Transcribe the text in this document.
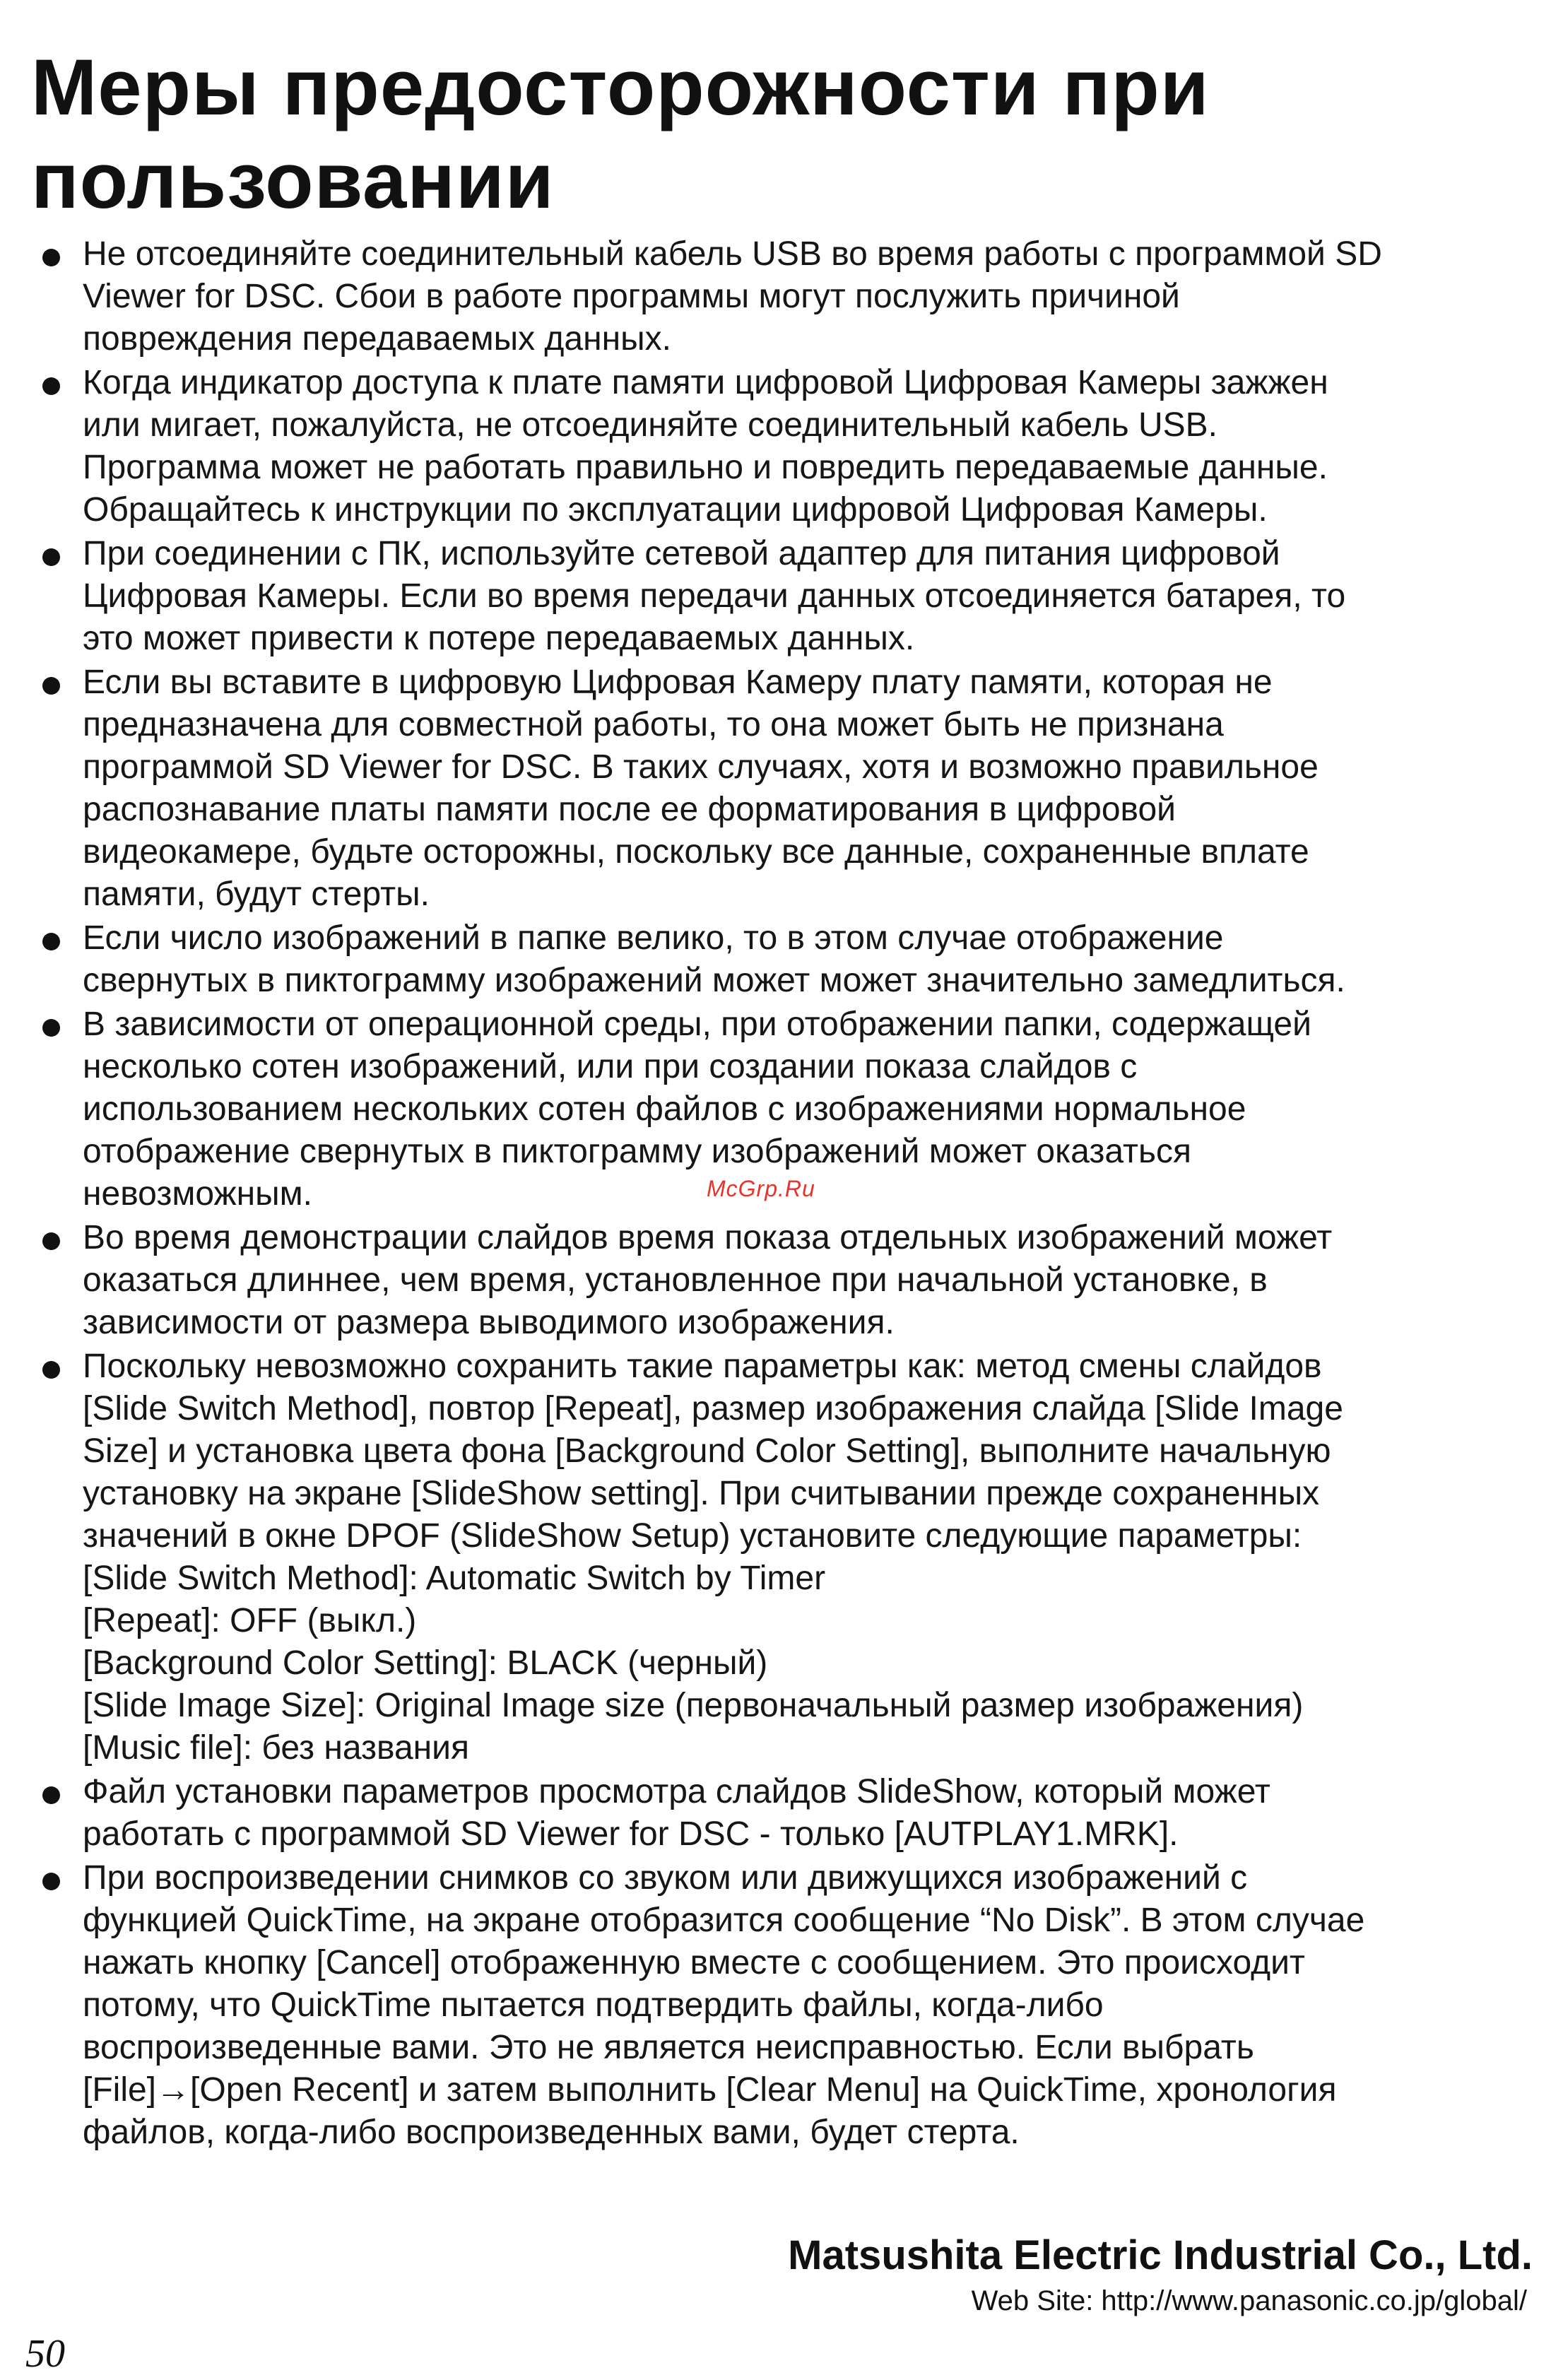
Меры предосторожности при
пользовании
Не отсоединяйте соединительный кабель USB во время работы с программой SD
Viewer for DSC. Сбои в работе программы могут послужить причиной
повреждения передаваемых данных.
Когда индикатор доступа к плате памяти цифровой Цифровая Камеры зажжен
или мигает, пожалуйста, не отсоединяйте соединительный кабель USB.
Программа может не работать правильно и повредить передаваемые данные.
Обращайтесь к инструкции по эксплуатации цифровой Цифровая Камеры.
При соединении с ПК, используйте сетевой адаптер для питания цифровой
Цифровая Камеры. Если во время передачи данных отсоединяется батарея, то
это может привести к потере передаваемых данных.
Если вы вставите в цифровую Цифровая Камеру плату памяти, которая не
предназначена для совместной работы, то она может быть не признана
программой SD Viewer for DSC. В таких случаях, хотя и возможно правильное
распознавание платы памяти после ее форматирования в цифровой
видеокамере, будьте осторожны, поскольку все данные, сохраненные вплате
памяти, будут стерты.
Если число изображений в папке велико, то в этом случае отображение
свернутых в пиктограмму изображений может может значительно замедлиться.
В зависимости от операционной среды, при отображении папки, содержащей
несколько сотен изображений, или при создании показа слайдов с
использованием нескольких сотен файлов с изображениями нормальное
отображение свернутых в пиктограмму изображений может оказаться
невозможным.
Во время демонстрации слайдов время показа отдельных изображений может
оказаться длиннее, чем время, установленное при начальной установке, в
зависимости от размера выводимого изображения.
Поскольку невозможно сохранить такие параметры как: метод смены слайдов
[Slide Switch Method], повтор [Repeat], размер изображения слайда [Slide Image
Size] и установка цвета фона [Background Color Setting], выполните начальную
установку на экране [SlideShow setting]. При считывании прежде сохраненных
значений в окне DPOF (SlideShow Setup) установите следующие параметры:
[Slide Switch Method]: Automatic Switch by Timer
[Repeat]: OFF (выкл.)
[Background Color Setting]: BLACK (черный)
[Slide Image Size]: Original Image size (первоначальный размер изображения)
[Music file]: без названия
Файл установки параметров просмотра слайдов SlideShow, который может
работать с программой SD Viewer for DSC - только [AUTPLAY1.MRK].
При воспроизведении снимков со звуком или движущихся изображений с
функцией QuickTime, на экране отобразится сообщение “No Disk”. В этом случае
нажать кнопку [Cancel] отображенную вместе с сообщением. Это происходит
потому, что QuickTime пытается подтвердить файлы, когда-либо
воспроизведенные вами. Это не является неисправностью. Если выбрать
[File]→[Open Recent] и затем выполнить [Clear Menu] на QuickTime, хронология
файлов, когда-либо воспроизведенных вами, будет стерта.
McGrp.Ru
Matsushita Electric Industrial Co., Ltd.
Web Site: http://www.panasonic.co.jp/global/
50
